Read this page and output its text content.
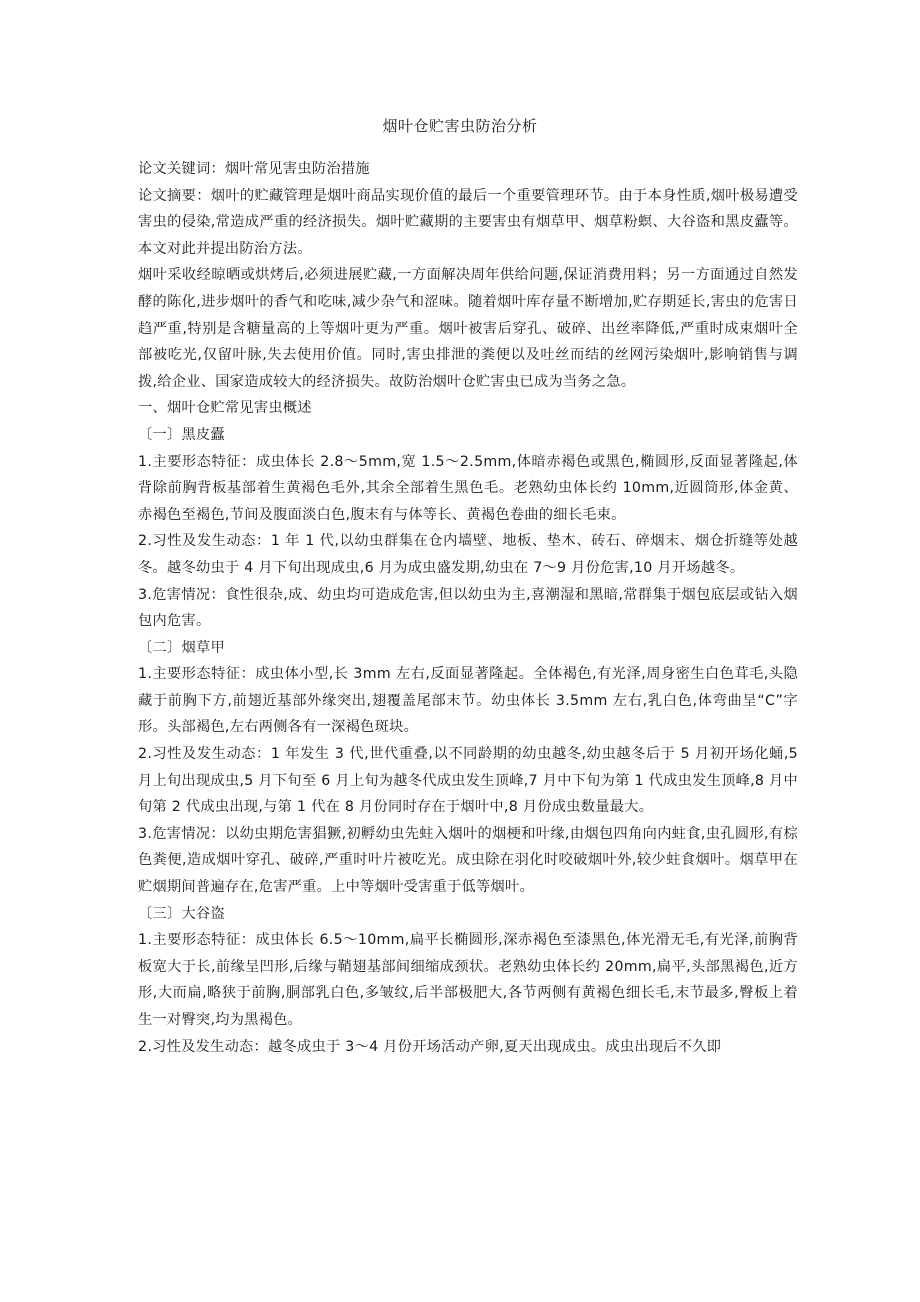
烟叶仓贮害虫防治分析

论文关键词：烟叶常见害虫防治措施

论文摘要：烟叶的贮藏管理是烟叶商品实现价值的最后一个重要管理环节。由于本身性质,烟叶极易遭受害虫的侵染,常造成严重的经济损失。烟叶贮藏期的主要害虫有烟草甲、烟草粉螟、大谷盗和黑皮蠹等。本文对此并提出防治方法。

烟叶采收经晾晒或烘烤后,必须进展贮藏,一方面解决周年供给问题,保证消费用料；另一方面通过自然发酵的陈化,进步烟叶的香气和吃味,减少杂气和涩味。随着烟叶库存量不断增加,贮存期延长,害虫的危害日趋严重,特别是含糖量高的上等烟叶更为严重。烟叶被害后穿孔、破碎、出丝率降低,严重时成束烟叶全部被吃光,仅留叶脉,失去使用价值。同时,害虫排泄的粪便以及吐丝而结的丝网污染烟叶,影响销售与调拨,给企业、国家造成较大的经济损失。故防治烟叶仓贮害虫已成为当务之急。

一、烟叶仓贮常见害虫概述

〔一〕黑皮蠹

1.主要形态特征：成虫体长 2.8～5mm,宽 1.5～2.5mm,体暗赤褐色或黑色,椭圆形,反面显著隆起,体背除前胸背板基部着生黄褐色毛外,其余全部着生黑色毛。老熟幼虫体长约 10mm,近圆筒形,体金黄、赤褐色至褐色,节间及腹面淡白色,腹末有与体等长、黄褐色卷曲的细长毛束。

2.习性及发生动态：1 年 1 代,以幼虫群集在仓内墙壁、地板、垫木、砖石、碎烟末、烟仓折缝等处越冬。越冬幼虫于 4 月下旬出现成虫,6 月为成虫盛发期,幼虫在 7～9 月份危害,10 月开场越冬。

3.危害情况：食性很杂,成、幼虫均可造成危害,但以幼虫为主,喜潮湿和黑暗,常群集于烟包底层或钻入烟包内危害。

〔二〕烟草甲

1.主要形态特征：成虫体小型,长 3mm 左右,反面显著隆起。全体褐色,有光泽,周身密生白色茸毛,头隐藏于前胸下方,前翅近基部外缘突出,翅覆盖尾部末节。幼虫体长 3.5mm 左右,乳白色,体弯曲呈“C”字形。头部褐色,左右两侧各有一深褐色斑块。

2.习性及发生动态：1 年发生 3 代,世代重叠,以不同龄期的幼虫越冬,幼虫越冬后于 5 月初开场化蛹,5 月上旬出现成虫,5 月下旬至 6 月上旬为越冬代成虫发生顶峰,7 月中下旬为第 1 代成虫发生顶峰,8 月中旬第 2 代成虫出现,与第 1 代在 8 月份同时存在于烟叶中,8 月份成虫数量最大。

3.危害情况：以幼虫期危害猖獗,初孵幼虫先蛀入烟叶的烟梗和叶缘,由烟包四角向内蛀食,虫孔圆形,有棕色粪便,造成烟叶穿孔、破碎,严重时叶片被吃光。成虫除在羽化时咬破烟叶外,较少蛀食烟叶。烟草甲在贮烟期间普遍存在,危害严重。上中等烟叶受害重于低等烟叶。

〔三〕大谷盗

1.主要形态特征：成虫体长 6.5～10mm,扁平长椭圆形,深赤褐色至漆黑色,体光滑无毛,有光泽,前胸背板宽大于长,前缘呈凹形,后缘与鞘翅基部间细缩成颈状。老熟幼虫体长约 20mm,扁平,头部黑褐色,近方形,大而扁,略狭于前胸,胴部乳白色,多皱纹,后半部极肥大,各节两侧有黄褐色细长毛,末节最多,臀板上着生一对臀突,均为黑褐色。

2.习性及发生动态：越冬成虫于 3～4 月份开场活动产卵,夏天出现成虫。成虫出现后不久即
